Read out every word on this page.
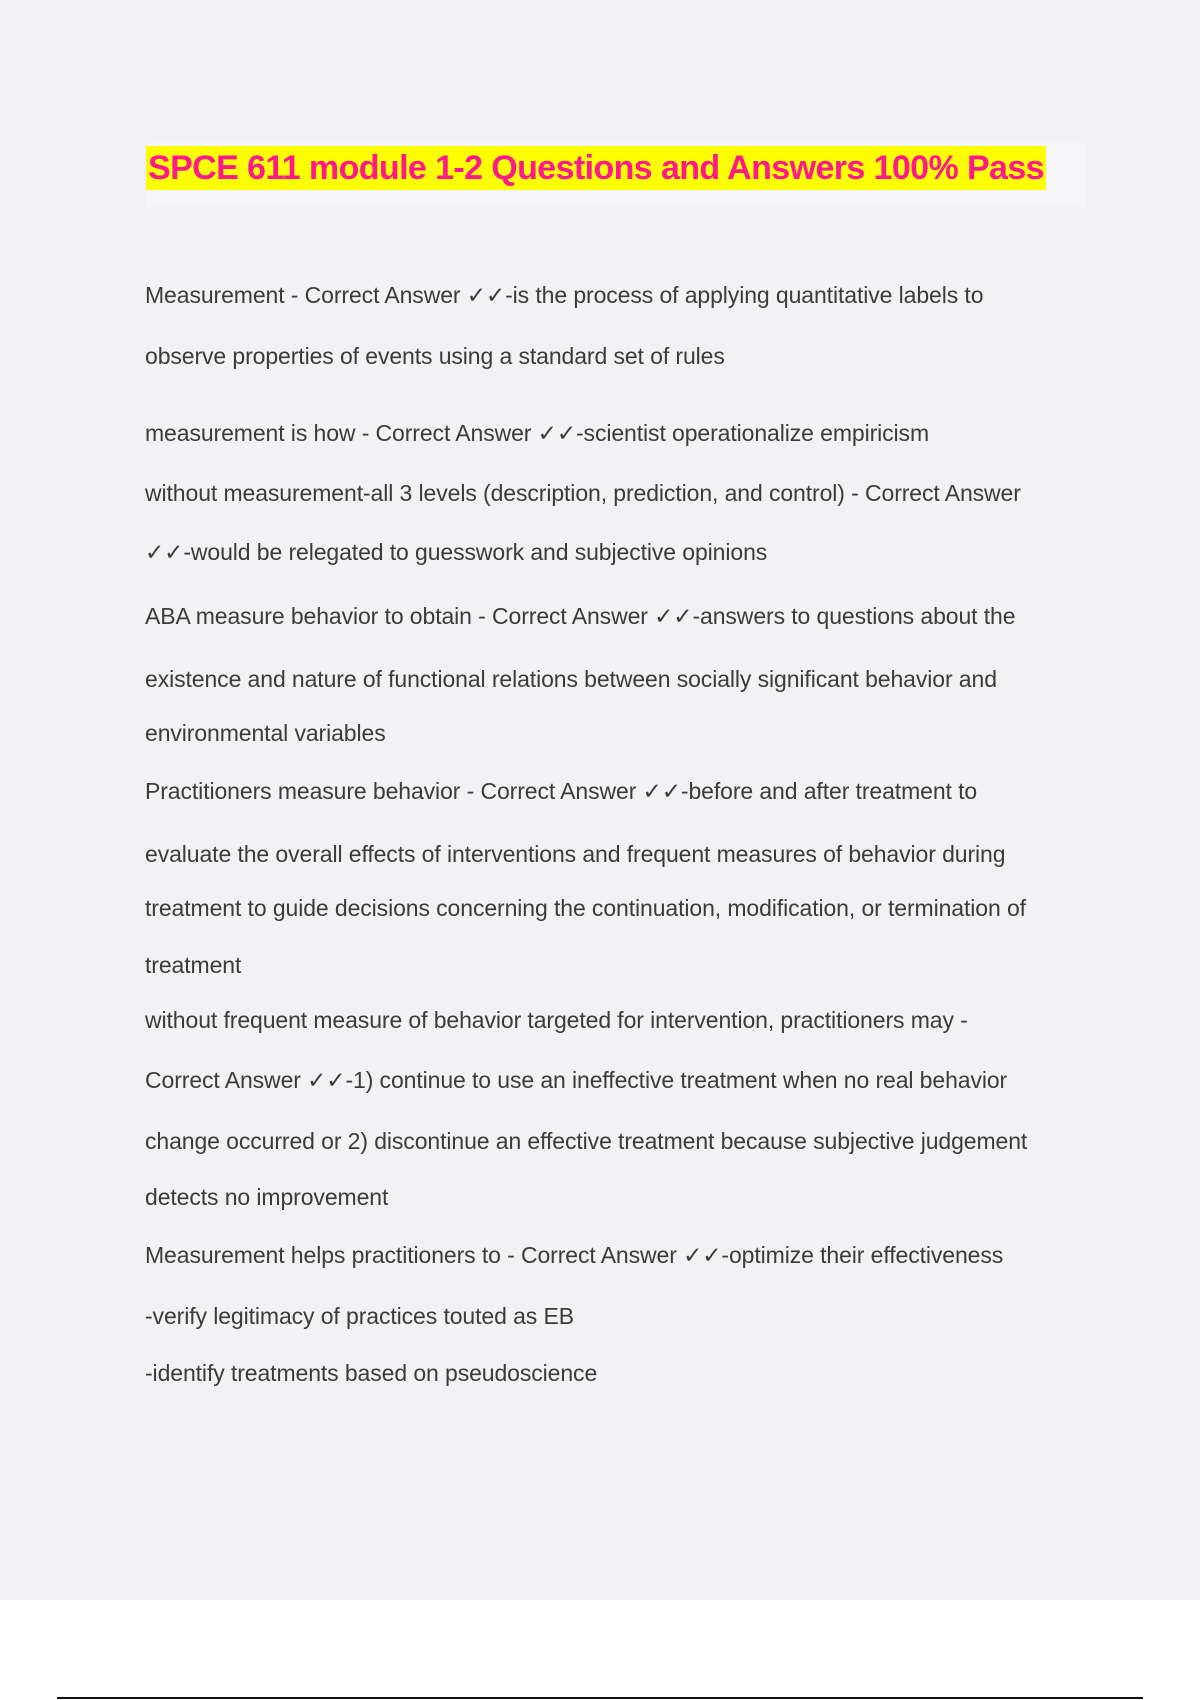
SPCE 611 module 1-2 Questions and Answers 100% Pass
Measurement - Correct Answer ✓✓-is the process of applying quantitative labels to
observe properties of events using a standard set of rules
measurement is how - Correct Answer ✓✓-scientist operationalize empiricism
without measurement-all 3 levels (description, prediction, and control) - Correct Answer
✓✓-would be relegated to guesswork and subjective opinions
ABA measure behavior to obtain - Correct Answer ✓✓-answers to questions about the
existence and nature of functional relations between socially significant behavior and
environmental variables
Practitioners measure behavior - Correct Answer ✓✓-before and after treatment to
evaluate the overall effects of interventions and frequent measures of behavior during
treatment to guide decisions concerning the continuation, modification, or termination of
treatment
without frequent measure of behavior targeted for intervention, practitioners may -
Correct Answer ✓✓-1) continue to use an ineffective treatment when no real behavior
change occurred or 2) discontinue an effective treatment because subjective judgement
detects no improvement
Measurement helps practitioners to - Correct Answer ✓✓-optimize their effectiveness
-verify legitimacy of practices touted as EB
-identify treatments based on pseudoscience
